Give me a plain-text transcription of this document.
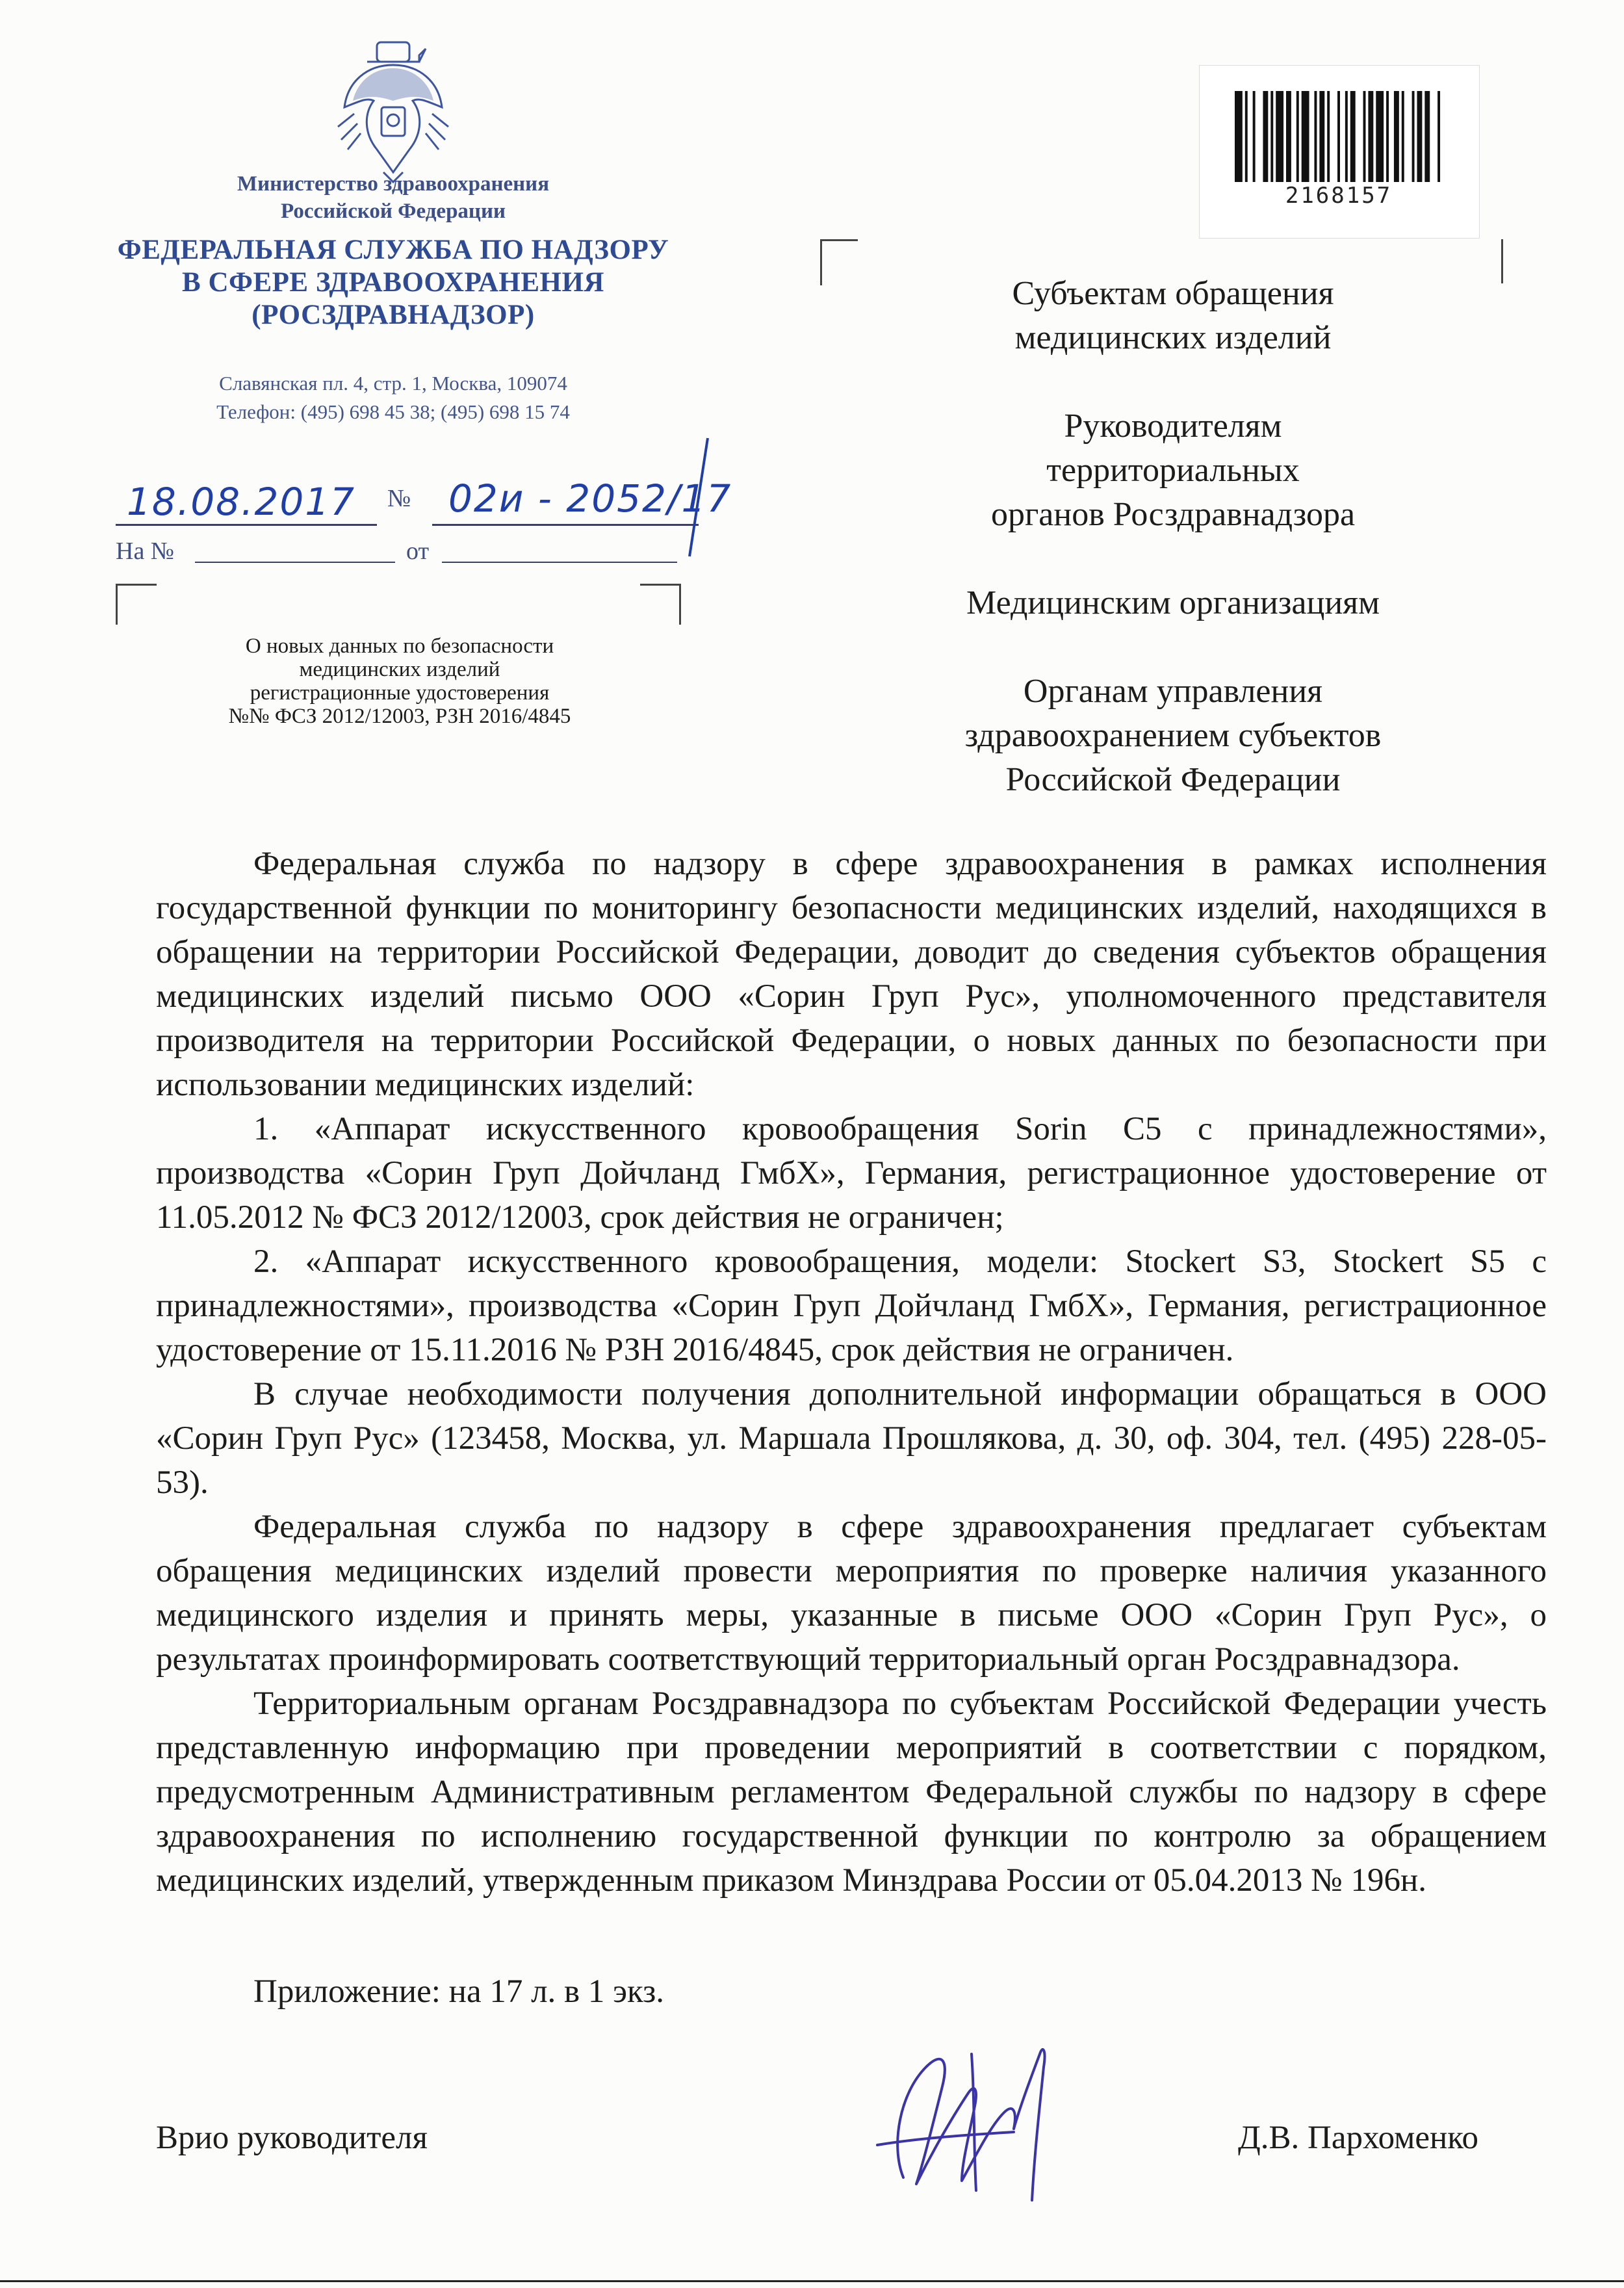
Министерство здравоохранения
Российской Федерации
ФЕДЕРАЛЬНАЯ СЛУЖБА ПО НАДЗОРУ
В СФЕРЕ ЗДРАВООХРАНЕНИЯ
(РОСЗДРАВНАДЗОР)
Славянская пл. 4, стр. 1, Москва, 109074
Телефон: (495) 698 45 38; (495) 698 15 74
18.08.2017 № 02и - 2052/17
На №	от
О новых данных по безопасности
медицинских изделий
регистрационные удостоверения
№№ ФСЗ 2012/12003, РЗН 2016/4845
2168157

Субъектам обращения
медицинских изделий

Руководителям
территориальных
органов Росздравнадзора

Медицинским организациям

Органам управления
здравоохранением субъектов
Российской Федерации

Федеральная служба по надзору в сфере здравоохранения в рамках исполнения государственной функции по мониторингу безопасности медицинских изделий, находящихся в обращении на территории Российской Федерации, доводит до сведения субъектов обращения медицинских изделий письмо ООО «Сорин Груп Рус», уполномоченного представителя производителя на территории Российской Федерации, о новых данных по безопасности при использовании медицинских изделий:

1. «Аппарат искусственного кровообращения Sorin C5 с принадлежностями», производства «Сорин Груп Дойчланд ГмбХ», Германия, регистрационное удостоверение от 11.05.2012 № ФСЗ 2012/12003, срок действия не ограничен;

2. «Аппарат искусственного кровообращения, модели: Stockert S3, Stockert S5 с принадлежностями», производства «Сорин Груп Дойчланд ГмбХ», Германия, регистрационное удостоверение от 15.11.2016 № РЗН 2016/4845, срок действия не ограничен.

В случае необходимости получения дополнительной информации обращаться в ООО «Сорин Груп Рус» (123458, Москва, ул. Маршала Прошлякова, д. 30, оф. 304, тел. (495) 228-05-53).

Федеральная служба по надзору в сфере здравоохранения предлагает субъектам обращения медицинских изделий провести мероприятия по проверке наличия указанного медицинского изделия и принять меры, указанные в письме ООО «Сорин Груп Рус», о результатах проинформировать соответствующий территориальный орган Росздравнадзора.

Территориальным органам Росздравнадзора по субъектам Российской Федерации учесть представленную информацию при проведении мероприятий в соответствии с порядком, предусмотренным Административным регламентом Федеральной службы по надзору в сфере здравоохранения по исполнению государственной функции по контролю за обращением медицинских изделий, утвержденным приказом Минздрава России от 05.04.2013 № 196н.

Приложение: на 17 л. в 1 экз.
Врио руководителя	Д.В. Пархоменко
